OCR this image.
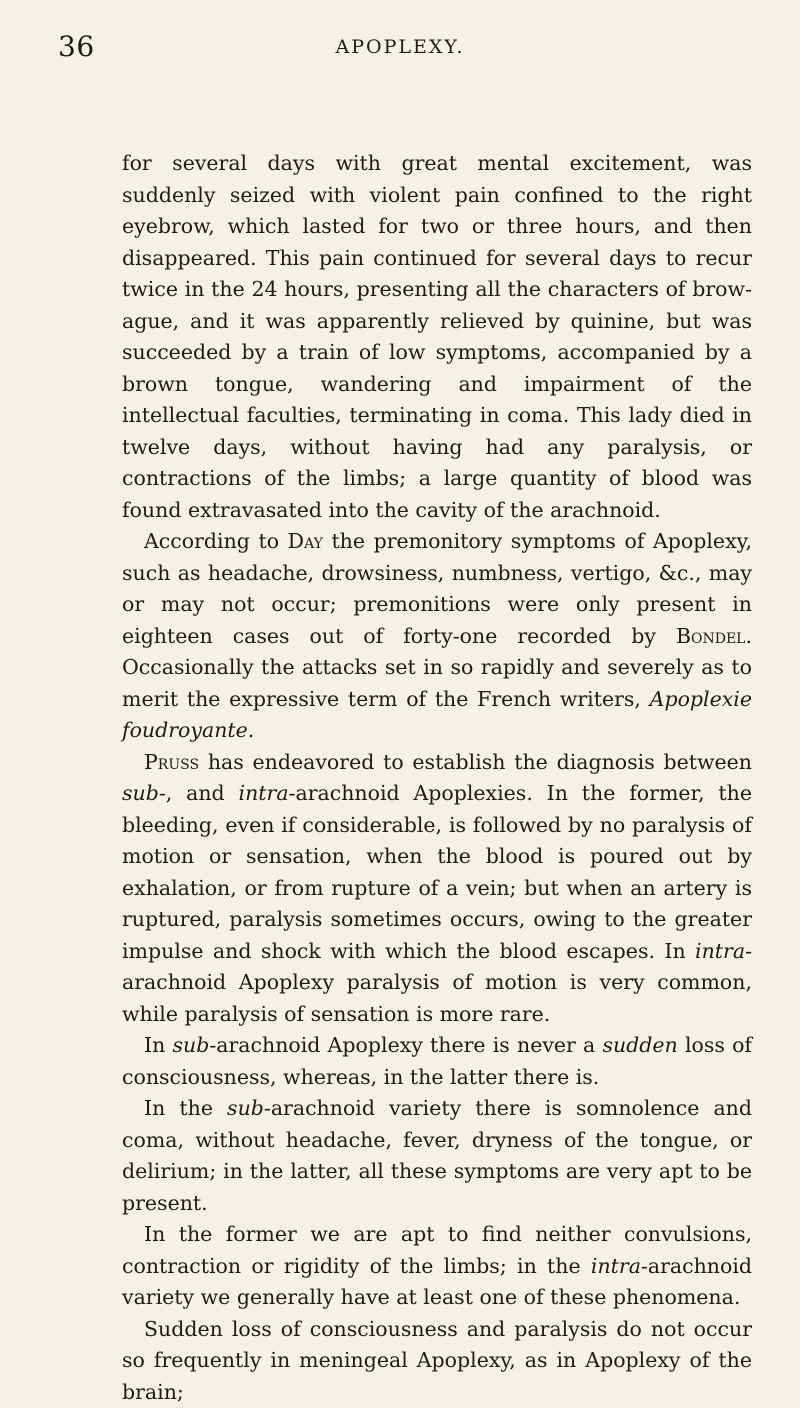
36	APOPLEXY.

for several days with great mental excitement, was suddenly seized with violent pain confined to the right eyebrow, which lasted for two or three hours, and then disappeared. This pain continued for several days to recur twice in the 24 hours, presenting all the characters of brow-ague, and it was apparently relieved by quinine, but was succeeded by a train of low symptoms, accompanied by a brown tongue, wandering and impairment of the intellectual faculties, terminating in coma. This lady died in twelve days, without having had any paralysis, or contractions of the limbs; a large quantity of blood was found extravasated into the cavity of the arachnoid.

According to Day the premonitory symptoms of Apoplexy, such as headache, drowsiness, numbness, vertigo, &c., may or may not occur; premonitions were only present in eighteen cases out of forty-one recorded by Bondel. Occasionally the attacks set in so rapidly and severely as to merit the expressive term of the French writers, Apoplexie foudroyante.

Pruss has endeavored to establish the diagnosis between sub-, and intra-arachnoid Apoplexies. In the former, the bleeding, even if considerable, is followed by no paralysis of motion or sensation, when the blood is poured out by exhalation, or from rupture of a vein; but when an artery is ruptured, paralysis sometimes occurs, owing to the greater impulse and shock with which the blood escapes. In intra-arachnoid Apoplexy paralysis of motion is very common, while paralysis of sensation is more rare.

In sub-arachnoid Apoplexy there is never a sudden loss of consciousness, whereas, in the latter there is.

In the sub-arachnoid variety there is somnolence and coma, without headache, fever, dryness of the tongue, or delirium; in the latter, all these symptoms are very apt to be present.

In the former we are apt to find neither convulsions, contraction or rigidity of the limbs; in the intra-arachnoid variety we generally have at least one of these phenomena.

Sudden loss of consciousness and paralysis do not occur so frequently in meningeal Apoplexy, as in Apoplexy of the brain;
